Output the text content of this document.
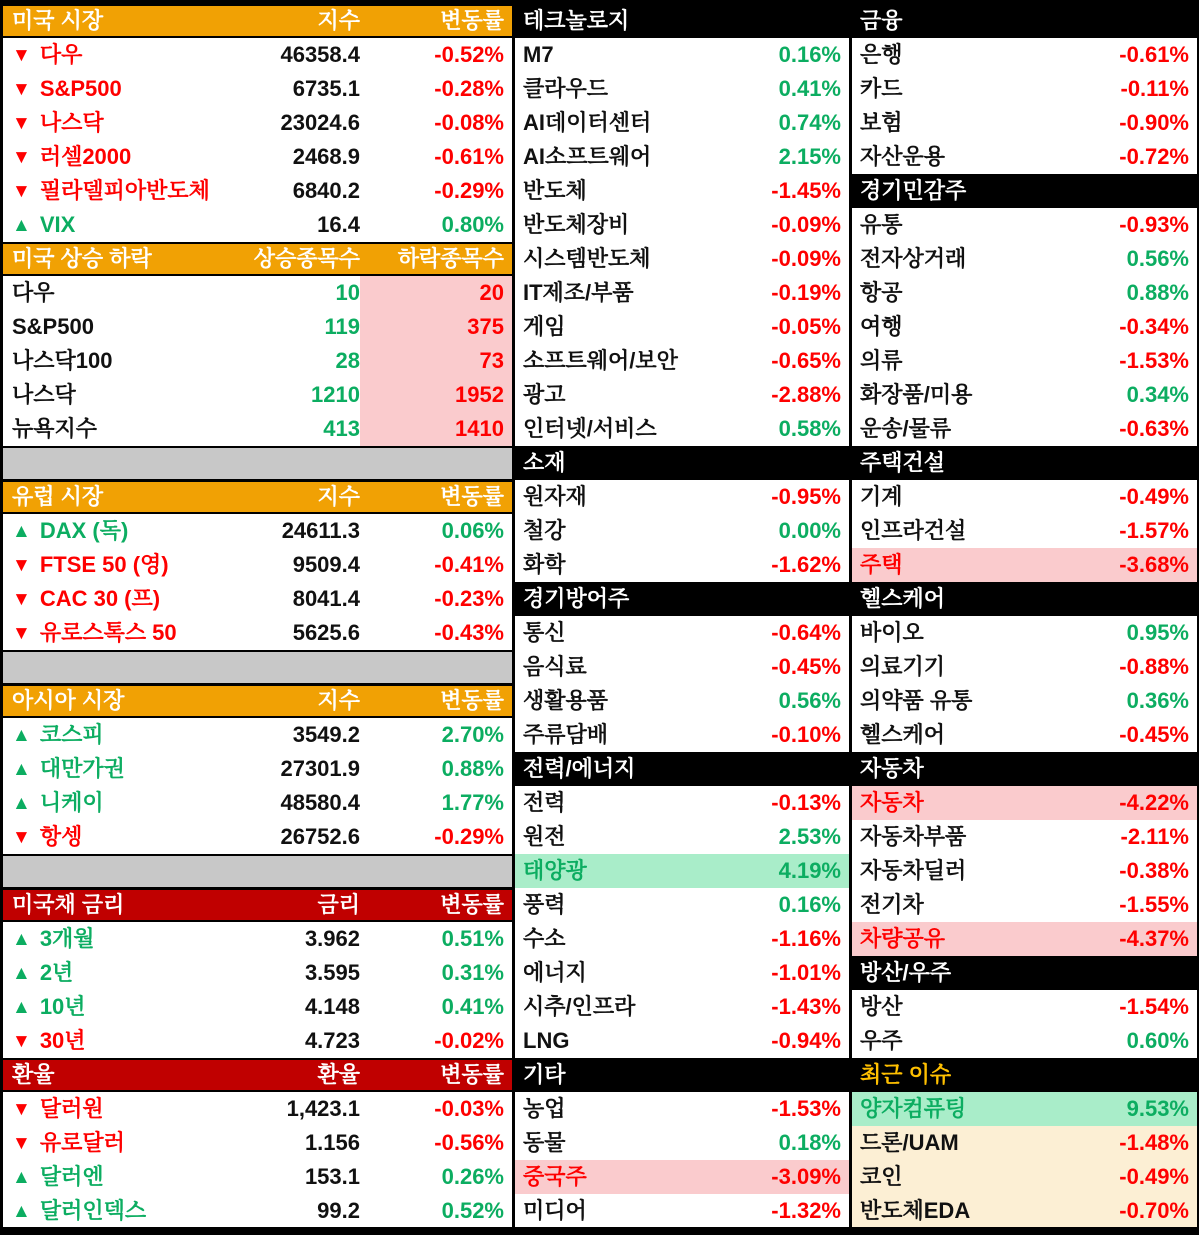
미국 시장	지수	변동률
▼ 다우	46358.4	-0.52%
▼ S&P500	6735.1	-0.28%
▼ 나스닥	23024.6	-0.08%
▼ 러셀2000	2468.9	-0.61%
▼ 필라델피아반도체	6840.2	-0.29%
▲ VIX	16.4	0.80%
미국 상승 하락	상승종목수	하락종목수
다우	10	20
S&P500	119	375
나스닥100	28	73
나스닥	1210	1952
뉴욕지수	413	1410
유럽 시장	지수	변동률
▲ DAX (독)	24611.3	0.06%
▼ FTSE 50 (영)	9509.4	-0.41%
▼ CAC 30 (프)	8041.4	-0.23%
▼ 유로스톡스 50	5625.6	-0.43%
아시아 시장	지수	변동률
▲ 코스피	3549.2	2.70%
▲ 대만가권	27301.9	0.88%
▲ 니케이	48580.4	1.77%
▼ 항셍	26752.6	-0.29%
미국채 금리	금리	변동률
▲ 3개월	3.962	0.51%
▲ 2년	3.595	0.31%
▲ 10년	4.148	0.41%
▼ 30년	4.723	-0.02%
환율	환율	변동률
▼ 달러원	1,423.1	-0.03%
▼ 유로달러	1.156	-0.56%
▲ 달러엔	153.1	0.26%
▲ 달러인덱스	99.2	0.52%
테크놀로지
M7	0.16%
클라우드	0.41%
AI데이터센터	0.74%
AI소프트웨어	2.15%
반도체	-1.45%
반도체장비	-0.09%
시스템반도체	-0.09%
IT제조/부품	-0.19%
게임	-0.05%
소프트웨어/보안	-0.65%
광고	-2.88%
인터넷/서비스	0.58%
소재
원자재	-0.95%
철강	0.00%
화학	-1.62%
경기방어주
통신	-0.64%
음식료	-0.45%
생활용품	0.56%
주류담배	-0.10%
전력/에너지
전력	-0.13%
원전	2.53%
태양광	4.19%
풍력	0.16%
수소	-1.16%
에너지	-1.01%
시추/인프라	-1.43%
LNG	-0.94%
기타
농업	-1.53%
동물	0.18%
중국주	-3.09%
미디어	-1.32%
금융
은행	-0.61%
카드	-0.11%
보험	-0.90%
자산운용	-0.72%
경기민감주
유통	-0.93%
전자상거래	0.56%
항공	0.88%
여행	-0.34%
의류	-1.53%
화장품/미용	0.34%
운송/물류	-0.63%
주택건설
기계	-0.49%
인프라건설	-1.57%
주택	-3.68%
헬스케어
바이오	0.95%
의료기기	-0.88%
의약품 유통	0.36%
헬스케어	-0.45%
자동차
자동차	-4.22%
자동차부품	-2.11%
자동차딜러	-0.38%
전기차	-1.55%
차량공유	-4.37%
방산/우주
방산	-1.54%
우주	0.60%
최근 이슈
양자컴퓨팅	9.53%
드론/UAM	-1.48%
코인	-0.49%
반도체EDA	-0.70%
